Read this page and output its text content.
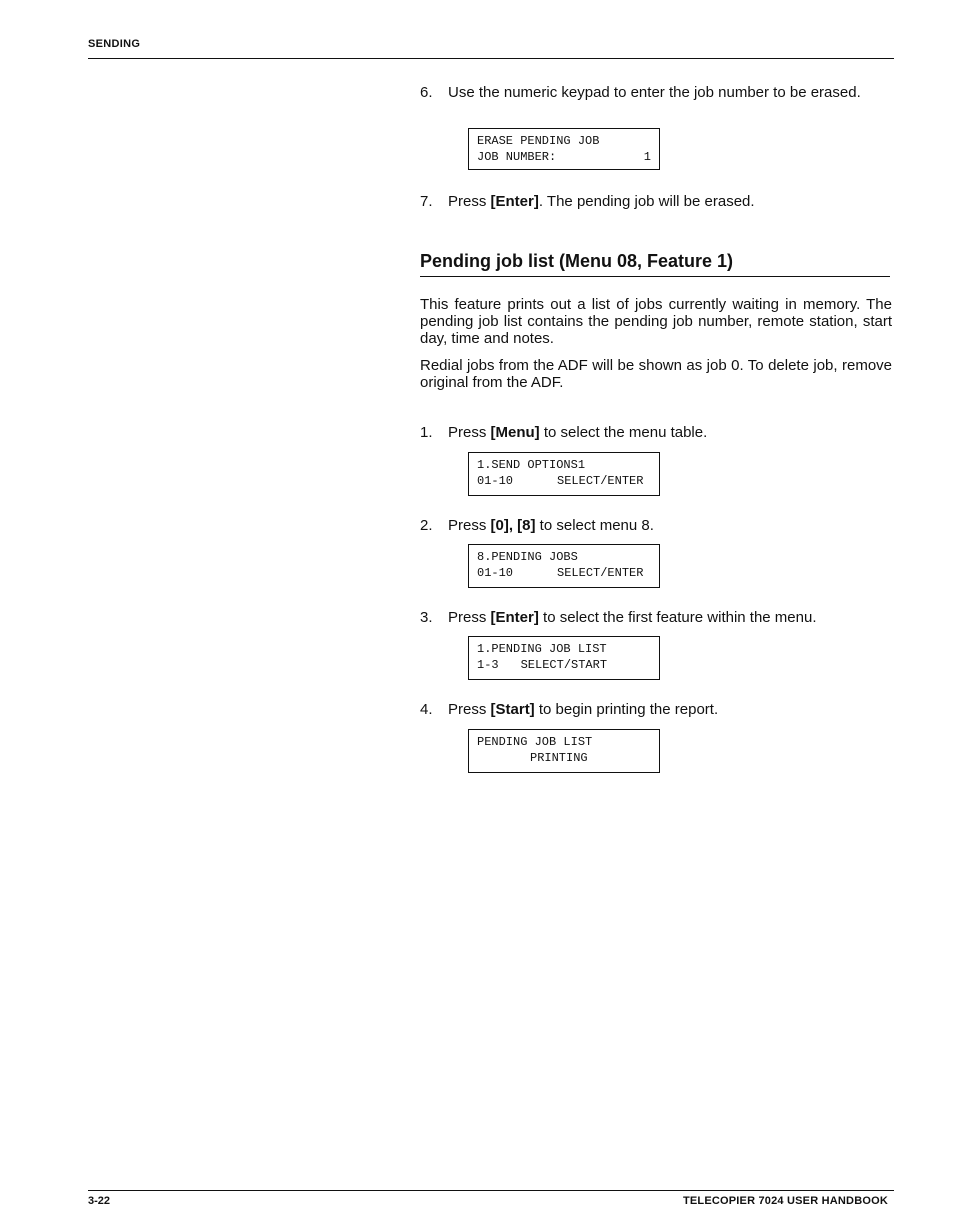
SENDING
6. Use the numeric keypad to enter the job number to be erased.
ERASE PENDING JOB
JOB NUMBER:	1
7. Press [Enter]. The pending job will be erased.
Pending job list (Menu 08, Feature 1)
This feature prints out a list of jobs currently waiting in memory. The pending job list contains the pending job number, remote station, start day, time and notes.
Redial jobs from the ADF will be shown as job 0. To delete job, remove original from the ADF.
1. Press [Menu] to select the menu table.
1.SEND OPTIONS1
01-10	SELECT/ENTER
2. Press [0], [8] to select menu 8.
8.PENDING JOBS
01-10	SELECT/ENTER
3. Press [Enter] to select the first feature within the menu.
1.PENDING JOB LIST
1-3 SELECT/START
4. Press [Start] to begin printing the report.
PENDING JOB LIST
PRINTING
3-22	TELECOPIER 7024 USER HANDBOOK
